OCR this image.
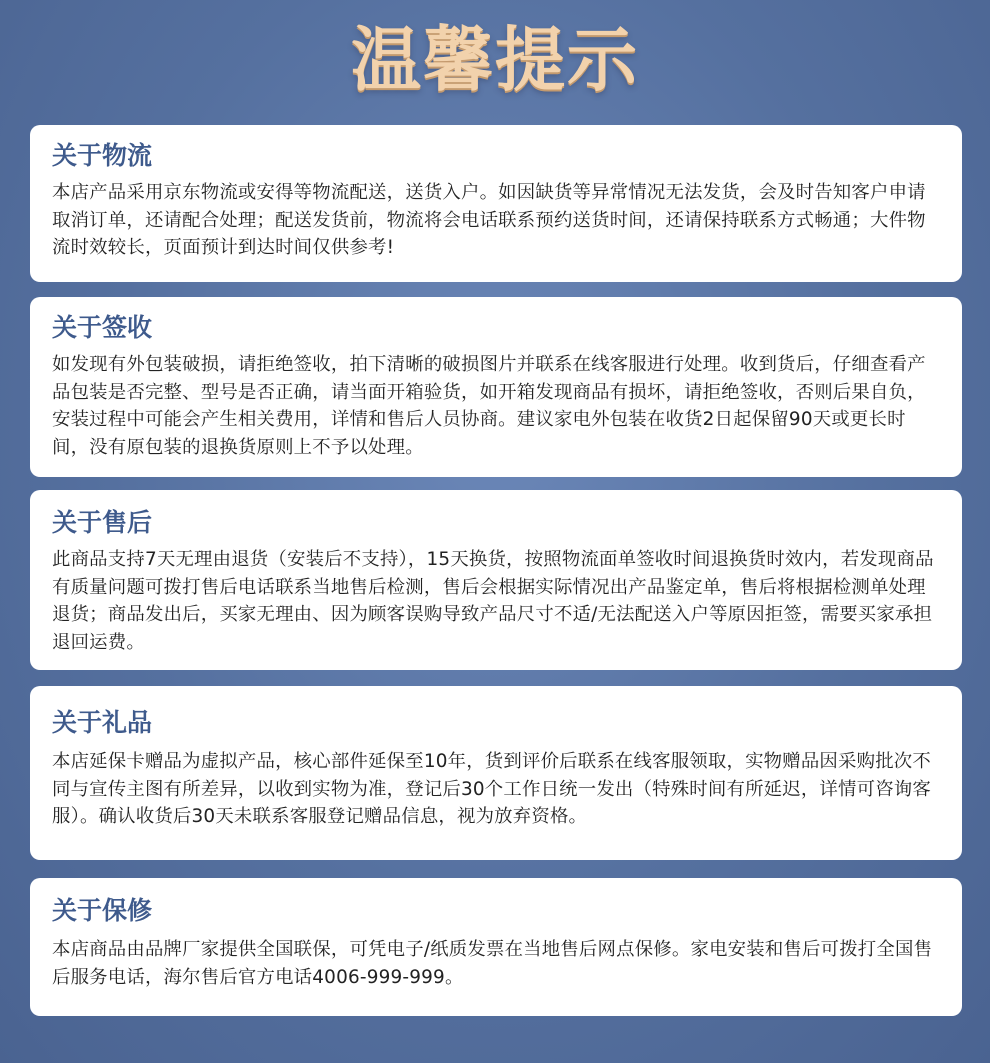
温馨提示
关于物流

本店产品采用京东物流或安得等物流配送，送货入户。如因缺货等异常情况无法发货，会及时告知客户申请取消订单，还请配合处理；配送发货前，物流将会电话联系预约送货时间，还请保持联系方式畅通；大件物流时效较长，页面预计到达时间仅供参考!

关于签收

如发现有外包装破损，请拒绝签收，拍下清晰的破损图片并联系在线客服进行处理。收到货后，仔细查看产品包装是否完整、型号是否正确，请当面开箱验货，如开箱发现商品有损坏，请拒绝签收，否则后果自负，安装过程中可能会产生相关费用，详情和售后人员协商。建议家电外包装在收货2日起保留90天或更长时间，没有原包装的退换货原则上不予以处理。

关于售后

此商品支持7天无理由退货（安装后不支持），15天换货，按照物流面单签收时间退换货时效内，若发现商品有质量问题可拨打售后电话联系当地售后检测，售后会根据实际情况出产品鉴定单，售后将根据检测单处理退货；商品发出后，买家无理由、因为顾客误购导致产品尺寸不适/无法配送入户等原因拒签，需要买家承担退回运费。

关于礼品

本店延保卡赠品为虚拟产品，核心部件延保至10年，货到评价后联系在线客服领取，实物赠品因采购批次不同与宣传主图有所差异，以收到实物为准，登记后30个工作日统一发出（特殊时间有所延迟，详情可咨询客服）。确认收货后30天未联系客服登记赠品信息，视为放弃资格。

关于保修

本店商品由品牌厂家提供全国联保，可凭电子/纸质发票在当地售后网点保修。家电安装和售后可拨打全国售后服务电话，海尔售后官方电话4006-999-999。
